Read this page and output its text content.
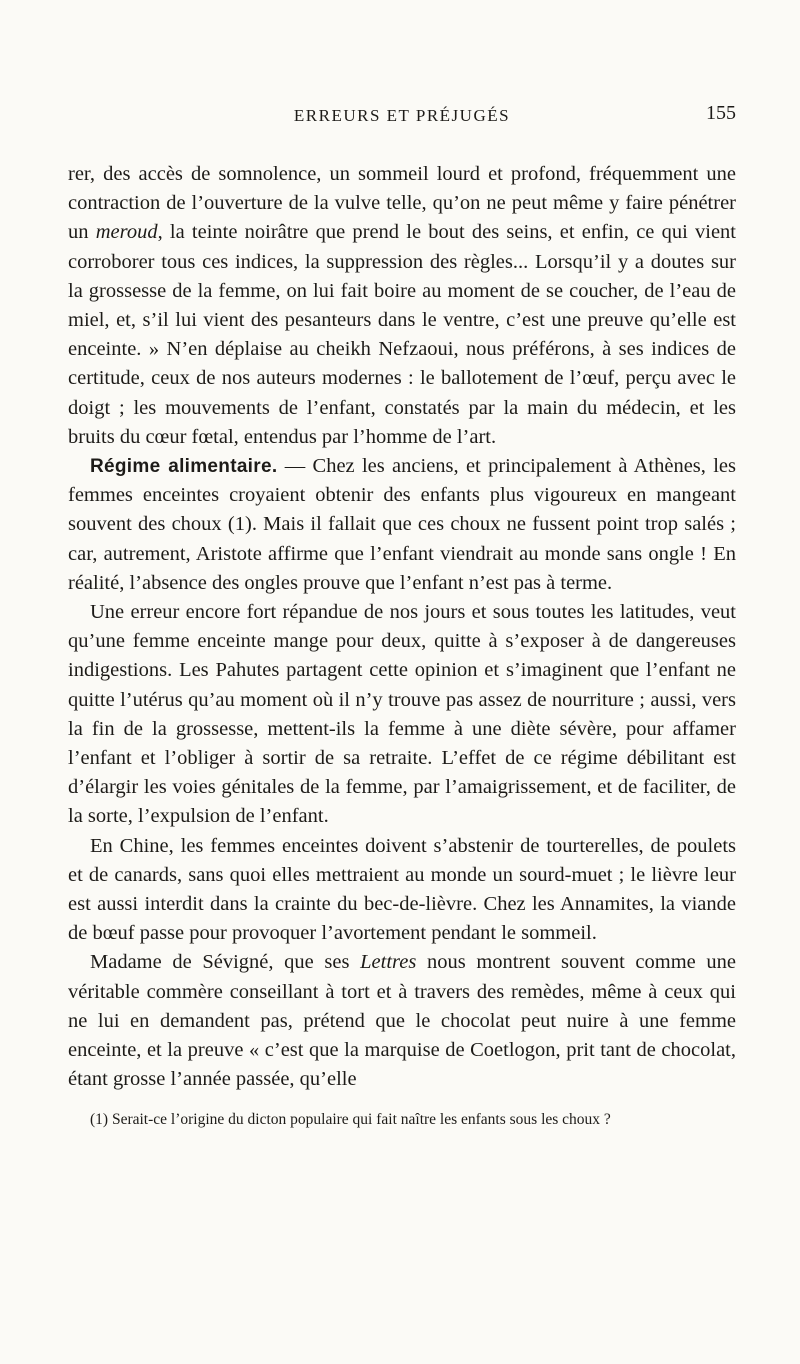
ERREURS ET PRÉJUGÉS	155

rer, des accès de somnolence, un sommeil lourd et profond, fréquemment une contraction de l’ouverture de la vulve telle, qu’on ne peut même y faire pénétrer un meroud, la teinte noirâtre que prend le bout des seins, et enfin, ce qui vient corroborer tous ces indices, la suppression des règles... Lorsqu’il y a doutes sur la grossesse de la femme, on lui fait boire au moment de se coucher, de l’eau de miel, et, s’il lui vient des pesanteurs dans le ventre, c’est une preuve qu’elle est enceinte. » N’en déplaise au cheikh Nefzaoui, nous préférons, à ses indices de certitude, ceux de nos auteurs modernes : le ballotement de l’œuf, perçu avec le doigt ; les mouvements de l’enfant, constatés par la main du médecin, et les bruits du cœur fœtal, entendus par l’homme de l’art.

Régime alimentaire. — Chez les anciens, et principalement à Athènes, les femmes enceintes croyaient obtenir des enfants plus vigoureux en mangeant souvent des choux (1). Mais il fallait que ces choux ne fussent point trop salés ; car, autrement, Aristote affirme que l’enfant viendrait au monde sans ongle ! En réalité, l’absence des ongles prouve que l’enfant n’est pas à terme.

Une erreur encore fort répandue de nos jours et sous toutes les latitudes, veut qu’une femme enceinte mange pour deux, quitte à s’exposer à de dangereuses indigestions. Les Pahutes partagent cette opinion et s’imaginent que l’enfant ne quitte l’utérus qu’au moment où il n’y trouve pas assez de nourriture ; aussi, vers la fin de la grossesse, mettent-ils la femme à une diète sévère, pour affamer l’enfant et l’obliger à sortir de sa retraite. L’effet de ce régime débilitant est d’élargir les voies génitales de la femme, par l’amaigrissement, et de faciliter, de la sorte, l’expulsion de l’enfant.

En Chine, les femmes enceintes doivent s’abstenir de tourterelles, de poulets et de canards, sans quoi elles mettraient au monde un sourd-muet ; le lièvre leur est aussi interdit dans la crainte du bec-de-lièvre. Chez les Annamites, la viande de bœuf passe pour provoquer l’avortement pendant le sommeil.

Madame de Sévigné, que ses Lettres nous montrent souvent comme une véritable commère conseillant à tort et à travers des remèdes, même à ceux qui ne lui en demandent pas, prétend que le chocolat peut nuire à une femme enceinte, et la preuve « c’est que la marquise de Coetlogon, prit tant de chocolat, étant grosse l’année passée, qu’elle

(1) Serait-ce l’origine du dicton populaire qui fait naître les enfants sous les choux ?
